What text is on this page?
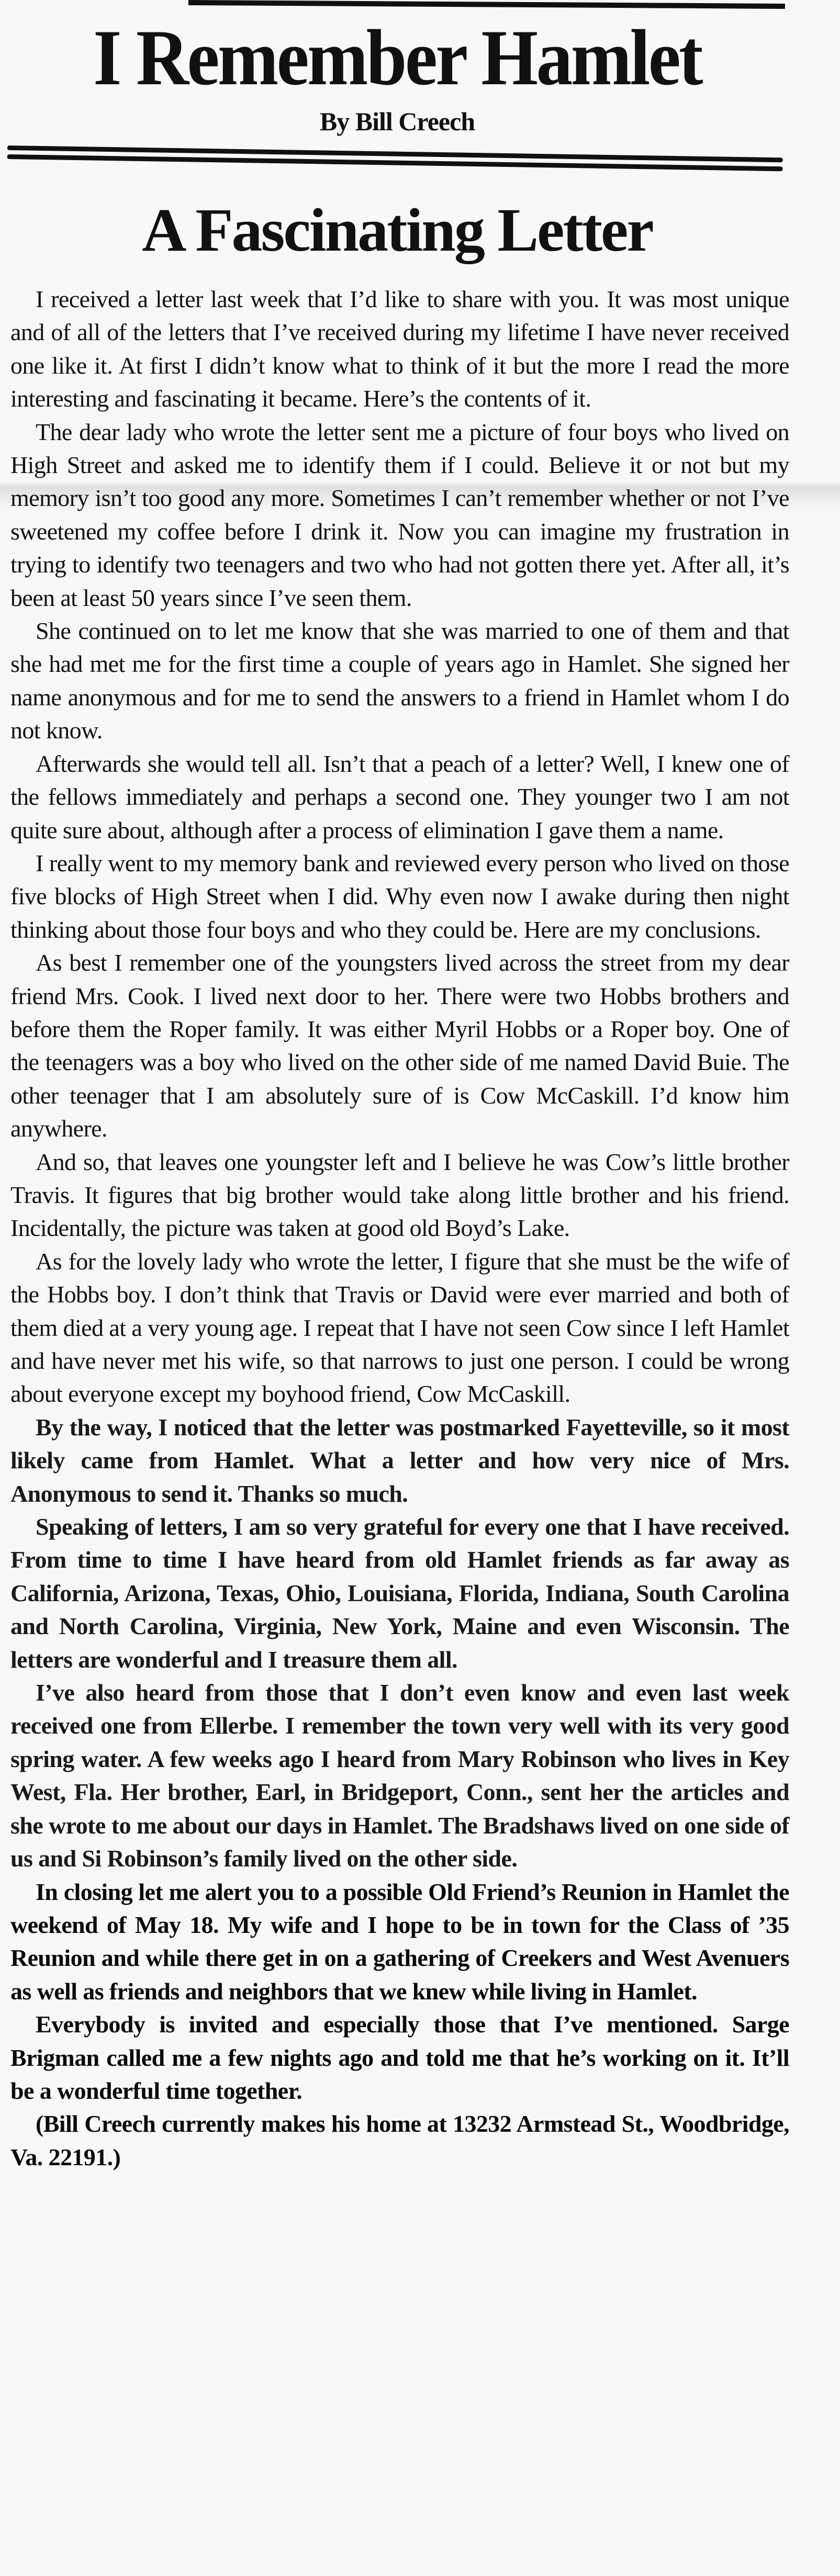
I Remember Hamlet
By Bill Creech
A Fascinating Letter

I received a letter last week that I’d like to share with you. It was most unique and of all of the letters that I’ve received during my lifetime I have never received one like it. At first I didn’t know what to think of it but the more I read the more interesting and fascinating it became. Here’s the contents of it.

The dear lady who wrote the letter sent me a picture of four boys who lived on High Street and asked me to identify them if I could. Believe it or not but my memory isn’t too good any more. Sometimes I can’t remember whether or not I’ve sweetened my coffee before I drink it. Now you can imagine my frustration in trying to identify two teenagers and two who had not gotten there yet. After all, it’s been at least 50 years since I’ve seen them.

She continued on to let me know that she was married to one of them and that she had met me for the first time a couple of years ago in Hamlet. She signed her name anonymous and for me to send the answers to a friend in Hamlet whom I do not know.

Afterwards she would tell all. Isn’t that a peach of a letter? Well, I knew one of the fellows immediately and perhaps a second one. They younger two I am not quite sure about, although after a process of elimination I gave them a name.

I really went to my memory bank and reviewed every person who lived on those five blocks of High Street when I did. Why even now I awake during then night thinking about those four boys and who they could be. Here are my conclusions.

As best I remember one of the youngsters lived across the street from my dear friend Mrs. Cook. I lived next door to her. There were two Hobbs brothers and before them the Roper family. It was either Myril Hobbs or a Roper boy. One of the teenagers was a boy who lived on the other side of me named David Buie. The other teenager that I am absolutely sure of is Cow McCaskill. I’d know him anywhere.

And so, that leaves one youngster left and I believe he was Cow’s little brother Travis. It figures that big brother would take along little brother and his friend. Incidentally, the picture was taken at good old Boyd’s Lake.

As for the lovely lady who wrote the letter, I figure that she must be the wife of the Hobbs boy. I don’t think that Travis or David were ever married and both of them died at a very young age. I repeat that I have not seen Cow since I left Hamlet and have never met his wife, so that narrows to just one person. I could be wrong about everyone except my boyhood friend, Cow McCaskill.

By the way, I noticed that the letter was postmarked Fayetteville, so it most likely came from Hamlet. What a letter and how very nice of Mrs. Anonymous to send it. Thanks so much.

Speaking of letters, I am so very grateful for every one that I have received. From time to time I have heard from old Hamlet friends as far away as California, Arizona, Texas, Ohio, Louisiana, Florida, Indiana, South Carolina and North Carolina, Virginia, New York, Maine and even Wisconsin. The letters are wonderful and I treasure them all.

I’ve also heard from those that I don’t even know and even last week received one from Ellerbe. I remember the town very well with its very good spring water. A few weeks ago I heard from Mary Robinson who lives in Key West, Fla. Her brother, Earl, in Bridgeport, Conn., sent her the articles and she wrote to me about our days in Hamlet. The Bradshaws lived on one side of us and Si Robinson’s family lived on the other side.

In closing let me alert you to a possible Old Friend’s Reunion in Hamlet the weekend of May 18. My wife and I hope to be in town for the Class of ’35 Reunion and while there get in on a gathering of Creekers and West Avenuers as well as friends and neighbors that we knew while living in Hamlet.

Everybody is invited and especially those that I’ve mentioned. Sarge Brigman called me a few nights ago and told me that he’s working on it. It’ll be a wonderful time together.

(Bill Creech currently makes his home at 13232 Armstead St., Woodbridge, Va. 22191.)
